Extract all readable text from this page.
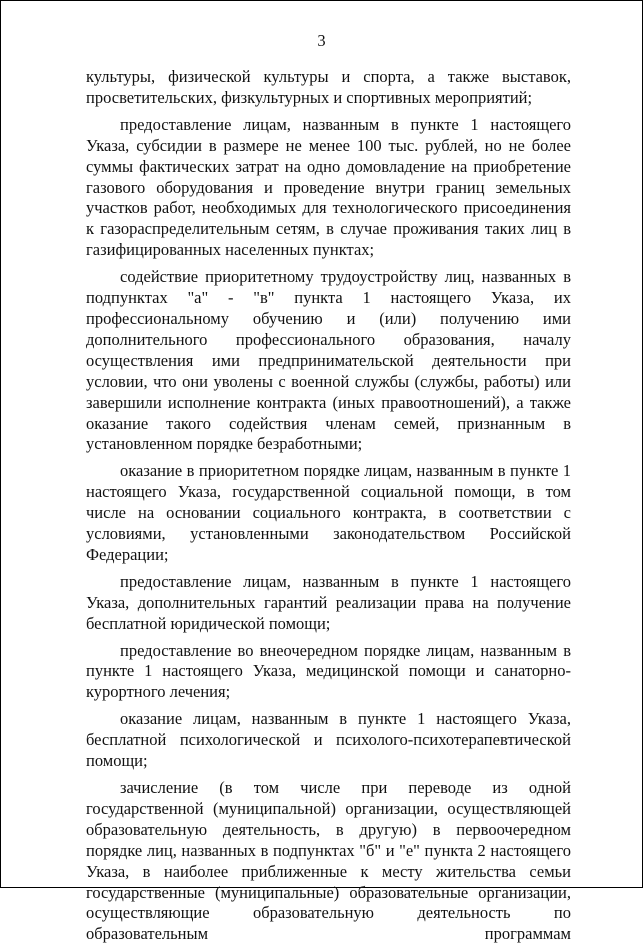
3

культуры, физической культуры и спорта, а также выставок, просветительских, физкультурных и спортивных мероприятий;

предоставление лицам, названным в пункте 1 настоящего Указа, субсидии в размере не менее 100 тыс. рублей, но не более суммы фактических затрат на одно домовладение на приобретение газового оборудования и проведение внутри границ земельных участков работ, необходимых для технологического присоединения к газораспределительным сетям, в случае проживания таких лиц в газифицированных населенных пунктах;

содействие приоритетному трудоустройству лиц, названных в подпунктах "а" - "в" пункта 1 настоящего Указа, их профессиональному обучению и (или) получению ими дополнительного профессионального образования, началу осуществления ими предпринимательской деятельности при условии, что они уволены с военной службы (службы, работы) или завершили исполнение контракта (иных правоотношений), а также оказание такого содействия членам семей, признанным в установленном порядке безработными;

оказание в приоритетном порядке лицам, названным в пункте 1 настоящего Указа, государственной социальной помощи, в том числе на основании социального контракта, в соответствии с условиями, установленными законодательством Российской Федерации;

предоставление лицам, названным в пункте 1 настоящего Указа, дополнительных гарантий реализации права на получение бесплатной юридической помощи;

предоставление во внеочередном порядке лицам, названным в пункте 1 настоящего Указа, медицинской помощи и санаторно-курортного лечения;

оказание лицам, названным в пункте 1 настоящего Указа, бесплатной психологической и психолого-психотерапевтической помощи;

зачисление (в том числе при переводе из одной государственной (муниципальной) организации, осуществляющей образовательную деятельность, в другую) в первоочередном порядке лиц, названных в подпунктах "б" и "е" пункта 2 настоящего Указа, в наиболее приближенные к месту жительства семьи государственные (муниципальные) образовательные организации, осуществляющие образовательную деятельность по образовательным программам
